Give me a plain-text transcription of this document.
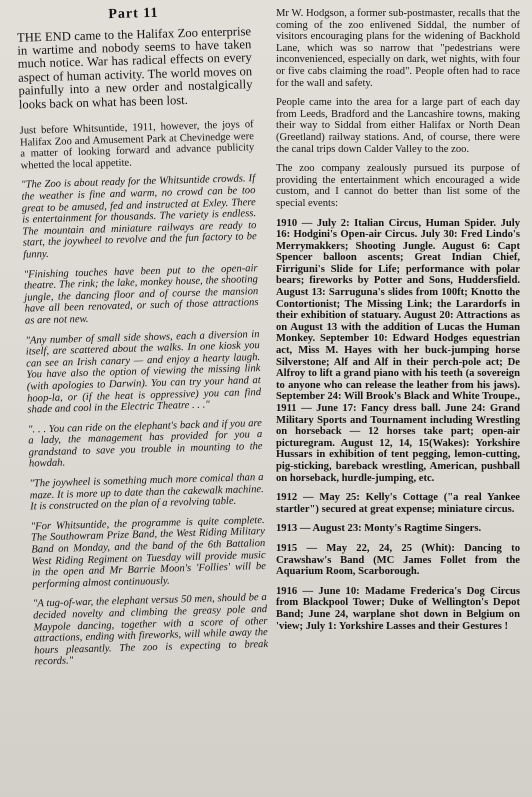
Part 11

THE END came to the Halifax Zoo enterprise in wartime and nobody seems to have taken much notice. War has radical effects on every aspect of human activity. The world moves on painfully into a new order and nostalgically looks back on what has been lost.

Just before Whitsuntide, 1911, however, the joys of Halifax Zoo and Amusement Park at Chevinedge were a matter of looking forward and advance publicity whetted the local appetite.

"The Zoo is about ready for the Whitsuntide crowds. If the weather is fine and warm, no crowd can be too great to be amused, fed and instructed at Exley. There is entertainment for thousands. The variety is endless. The mountain and miniature railways are ready to start, the joywheel to revolve and the fun factory to be funny.

"Finishing touches have been put to the open-air theatre. The rink; the lake, monkey house, the shooting jungle, the dancing floor and of course the mansion have all been renovated, or such of those attractions as are not new.

"Any number of small side shows, each a diversion in itself, are scattered about the walks. In one kiosk you can see an Irish canary — and enjoy a hearty laugh. You have also the option of viewing the missing link (with apologies to Darwin). You can try your hand at hoop-la, or (if the heat is oppressive) you can find shade and cool in the Electric Theatre . . ."

". . . You can ride on the elephant's back and if you are a lady, the management has provided for you a grandstand to save you trouble in mounting to the howdah.

"The joywheel is something much more comical than a maze. It is more up to date than the cakewalk machine. It is constructed on the plan of a revolving table.

"For Whitsuntide, the programme is quite complete. The Southowram Prize Band, the West Riding Military Band on Monday, and the band of the 6th Battalion West Riding Regiment on Tuesday will provide music in the open and Mr Barrie Moon's 'Follies' will be performing almost continuously.

"A tug-of-war, the elephant versus 50 men, should be a decided novelty and climbing the greasy pole and Maypole dancing, together with a score of other attractions, ending with fireworks, will while away the hours pleasantly. The zoo is expecting to break records."

Mr W. Hodgson, a former sub-postmaster, recalls that the coming of the zoo enlivened Siddal, the number of visitors encouraging plans for the widening of Backhold Lane, which was so narrow that "pedestrians were inconvenienced, especially on dark, wet nights, with four or five cabs claiming the road". People often had to race for the wall and safety.

People came into the area for a large part of each day from Leeds, Bradford and the Lancashire towns, making their way to Siddal from either Halifax or North Dean (Greetland) railway stations. And, of course, there were the canal trips down Calder Valley to the zoo.

The zoo company zealously pursued its purpose of providing the entertainment which encouraged a wide custom, and I cannot do better than list some of the special events:

1910 — July 2: Italian Circus, Human Spider. July 16: Hodgini's Open-air Circus. July 30: Fred Lindo's Merrymakkers; Shooting Jungle. August 6: Capt Spencer balloon ascents; Great Indian Chief, Firriguni's Slide for Life; performance with polar bears; fireworks by Potter and Sons, Huddersfield. August 13: Sarruguna's slides from 100ft; Knotto the Contortionist; The Missing Link; the Larardorfs in their exhibition of statuary. August 20: Attractions as on August 13 with the addition of Lucas the Human Monkey. September 10: Edward Hodges equestrian act, Miss M. Hayes with her buck-jumping horse Silverstone; Alf and Alf in their perch-pole act; De Alfroy to lift a grand piano with his teeth (a sovereign to anyone who can release the leather from his jaws). September 24: Will Brook's Black and White Troupe., 1911 — June 17: Fancy dress ball. June 24: Grand Military Sports and Tournament including Wrestling on horseback — 12 horses take part; open-air picturegram. August 12, 14, 15(Wakes): Yorkshire Hussars in exhibition of tent pegging, lemon-cutting, pig-sticking, bareback wrestling, American, pushball on horseback, hurdle-jumping, etc.
1912 — May 25: Kelly's Cottage ("a real Yankee startler") secured at great expense; miniature circus.
1913 — August 23: Monty's Ragtime Singers.
1915 — May 22, 24, 25 (Whit): Dancing to Crawshaw's Band (MC James Follet from the Aquarium Room, Scarborough.
1916 — June 10: Madame Frederica's Dog Circus from Blackpool Tower; Duke of Wellington's Depot Band; June 24, warplane shot down in Belgium on 'view; July 1: Yorkshire Lasses and their Gestures !
